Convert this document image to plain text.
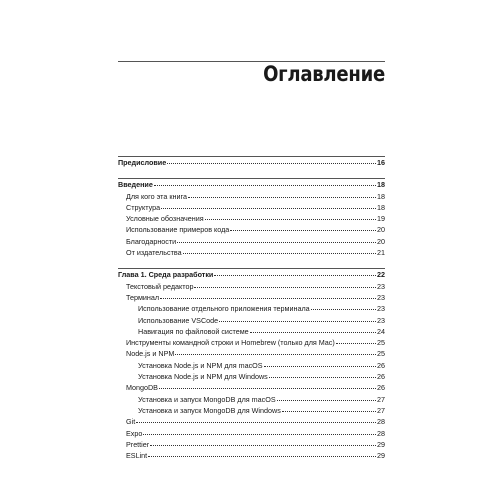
Оглавление
Предисловие	16
Введение	18
Для кого эта книга	18
Структура	18
Условные обозначения	19
Использование примеров кода	20
Благодарности	20
От издательства	21
Глава 1. Среда разработки	22
Текстовый редактор	23
Терминал	23
Использование отдельного приложения терминала	23
Использование VSCode	23
Навигация по файловой системе	24
Инструменты командной строки и Homebrew (только для Mac)	25
Node.js и NPM	25
Установка Node.js и NPM для macOS	26
Установка Node.js и NPM для Windows	26
MongoDB	26
Установка и запуск MongoDB для macOS	27
Установка и запуск MongoDB для Windows	27
Git	28
Expo	28
Prettier	29
ESLint	29
